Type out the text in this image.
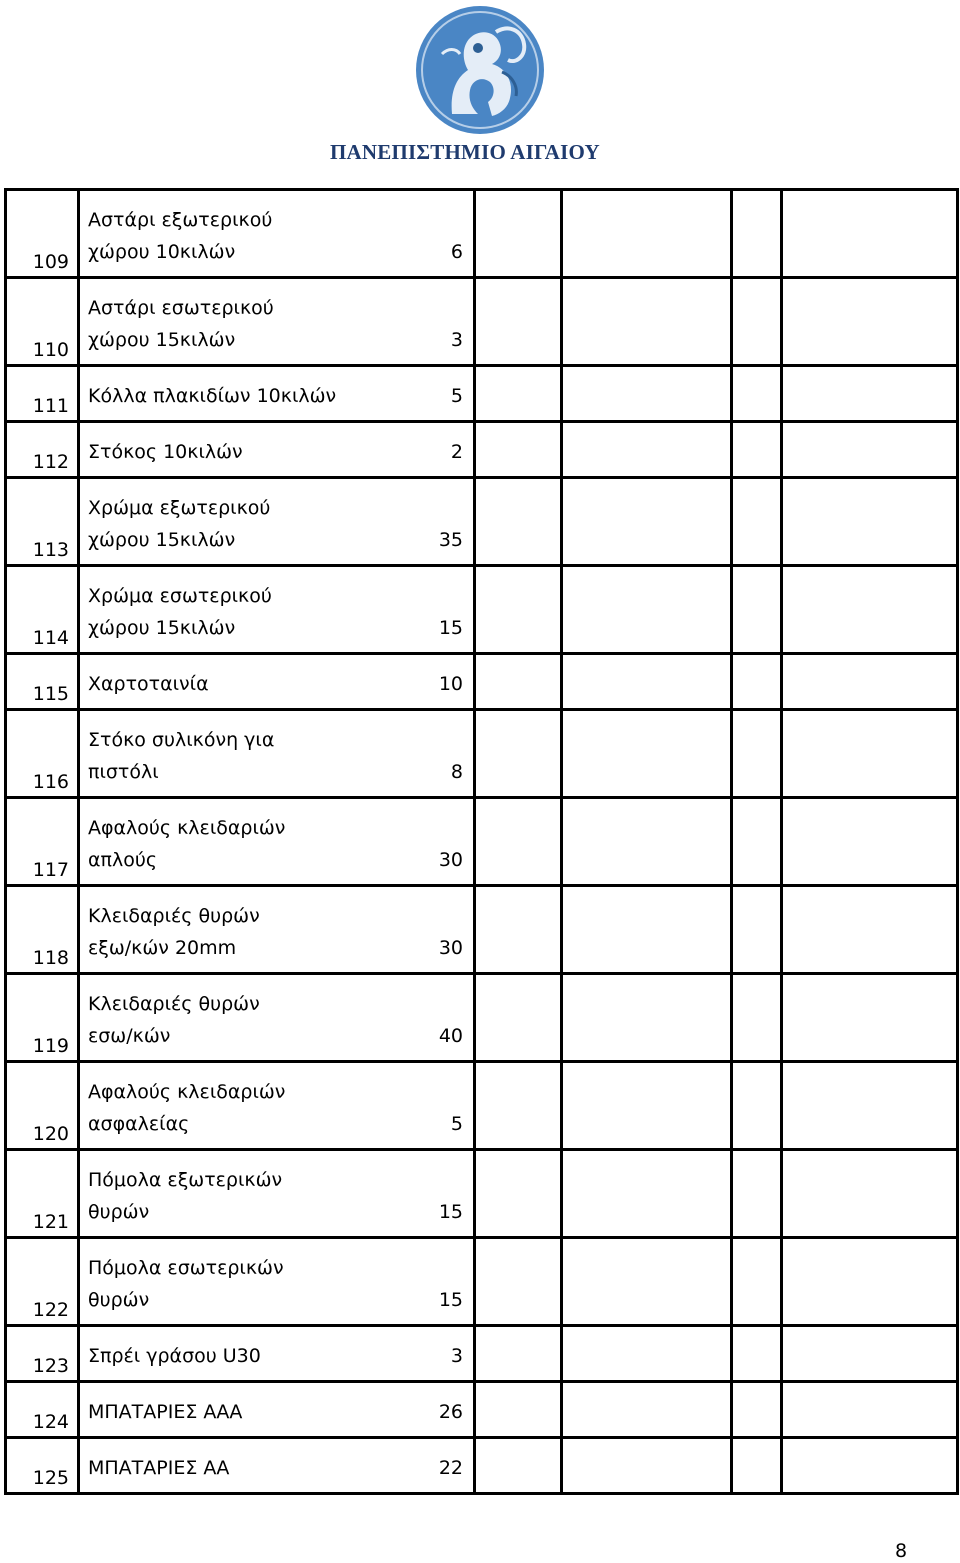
ΠΑΝΕΠΙΣΤΗΜΙΟ ΑΙΓΑΙΟΥ
109	Αστάρι εξωτερικού
χώρου 10κιλών 6				

110	Αστάρι εσωτερικού
χώρου 15κιλών 3				

111	Κόλλα πλακιδίων 10κιλών 5				

112	Στόκος 10κιλών 2				

113	Χρώμα εξωτερικού
χώρου 15κιλών 35				

114	Χρώμα εσωτερικού
χώρου 15κιλών 15				

115	Χαρτοταινία 10				

116	Στόκο συλικόνη για
πιστόλι 8				

117	Αφαλούς κλειδαριών
απλούς 30				

118	Κλειδαριές θυρών
εξω/κών 20mm 30				

119	Κλειδαριές θυρών
εσω/κών 40				

120	Αφαλούς κλειδαριών
ασφαλείας 5				

121	Πόμολα εξωτερικών
θυρών 15				

122	Πόμολα εσωτερικών
θυρών 15				

123	Σπρέι γράσου U30 3				

124	ΜΠΑΤΑΡΙΕΣ ΑΑΑ 26				

125	ΜΠΑΤΑΡΙΕΣ ΑΑ 22				

8
